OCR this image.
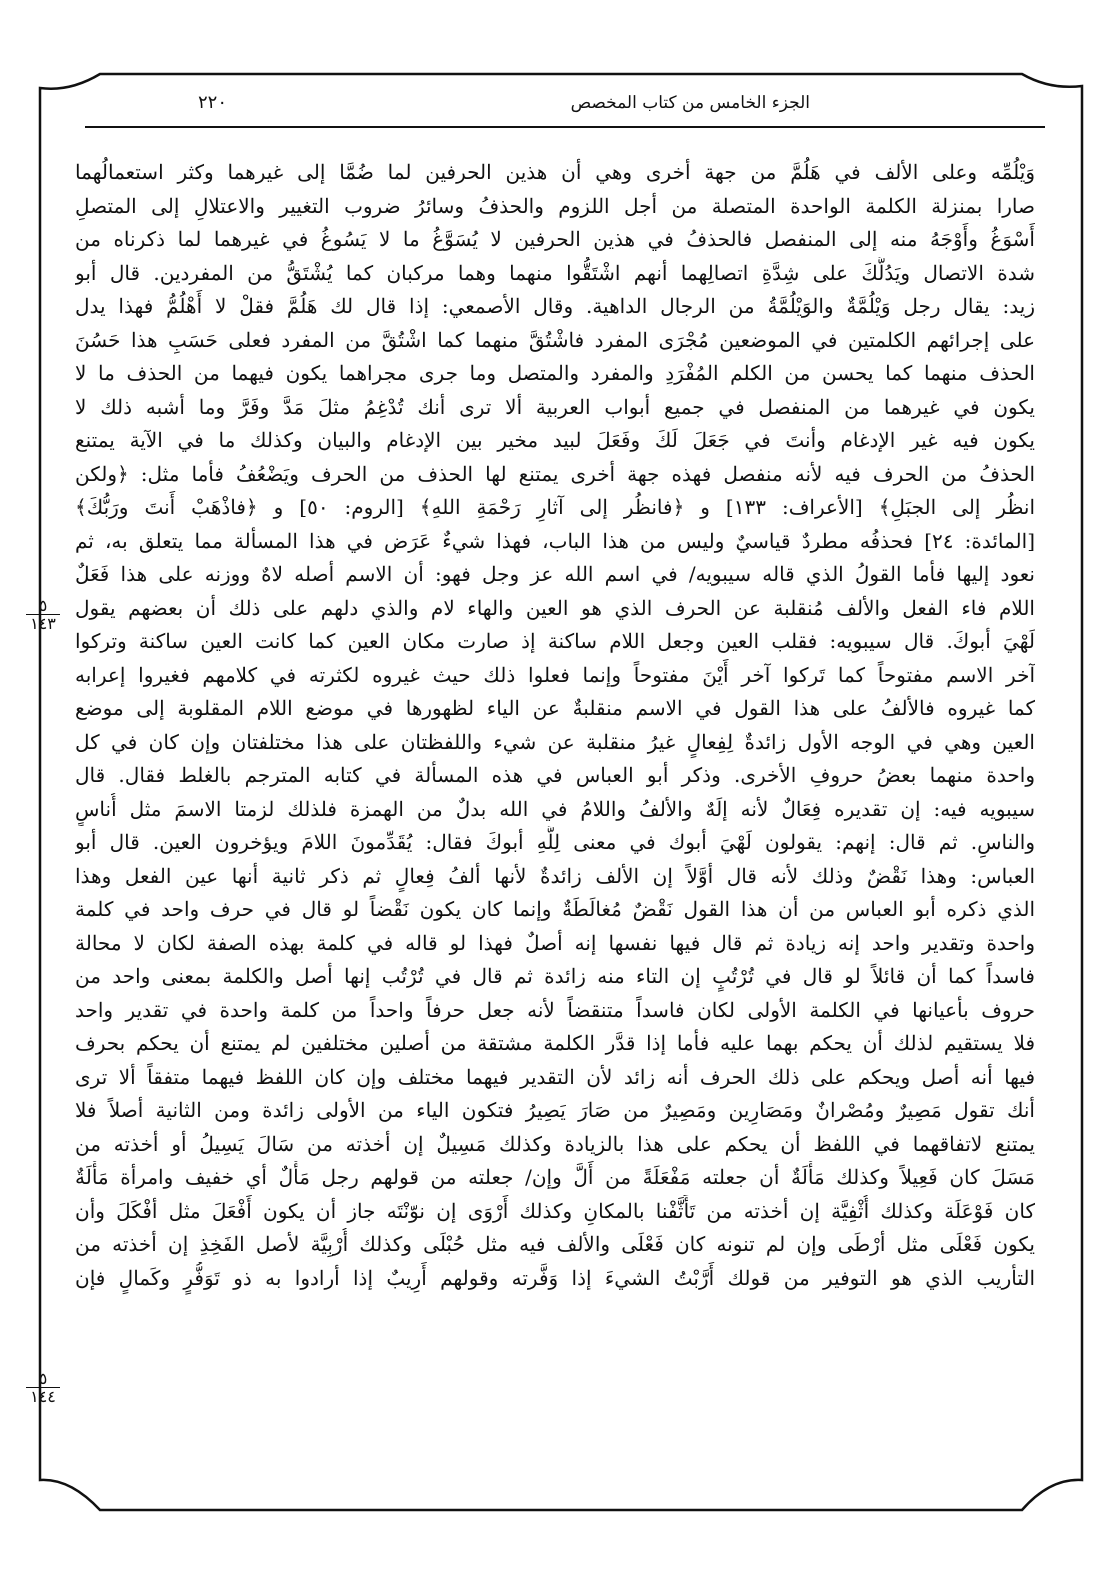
الجزء الخامس من كتاب المخصص
٢٢٠
وَيْلُمِّه وعلى الألف في هَلُمَّ من جهة أخرى وهي أن هذين الحرفين لما ضُمَّا إلى غيرهما وكثر استعمالُهما
صارا بمنزلة الكلمة الواحدة المتصلة من أجل اللزوم والحذفُ وسائرُ ضروب التغيير والاعتلالِ إلى المتصلِ
أَسْوَغُ وأَوْجَهُ منه إلى المنفصل فالحذفُ في هذين الحرفين لا يُسَوَّغُ ما لا يَسُوغُ في غيرهما لما ذكرناه من
شدة الاتصال ويَدُلُّكَ على شِدَّةِ اتصالِهما أنهم اشْتَقُّوا منهما وهما مركبان كما يُشْتَقُّ من المفردين. قال أبو
زيد: يقال رجل وَيْلُمَّةٌ والوَيْلُمَّةُ من الرجال الداهية. وقال الأصمعي: إذا قال لك هَلُمَّ فقلْ لا أَهْلُمُّ فهذا يدل
على إجرائهم الكلمتين في الموضعين مُجْرَى المفرد فاشْتُقَّ منهما كما اشْتُقَّ من المفرد فعلى حَسَبِ هذا حَسُنَ
الحذف منهما كما يحسن من الكلم المُفْرَدِ والمفرد والمتصل وما جرى مجراهما يكون فيهما من الحذف ما لا
يكون في غيرهما من المنفصل في جميع أبواب العربية ألا ترى أنك تُدْغِمُ مثلَ مَدَّ وفَرَّ وما أشبه ذلك لا
يكون فيه غير الإدغام وأنتَ في جَعَلَ لَكَ وفَعَلَ لبيد مخير بين الإدغام والبيان وكذلك ما في الآية يمتنع
الحذفُ من الحرف فيه لأنه منفصل فهذه جهة أخرى يمتنع لها الحذف من الحرف ويَضْعُفُ فأما مثل: ﴿ولكن
انظُر إلى الجبَلِ﴾ [الأعراف: ١٣٣] و ﴿فانظُر إلى آثارِ رَحْمَةِ اللهِ﴾ [الروم: ٥٠] و ﴿فاذْهَبْ أَنتَ ورَبُّكَ﴾
[المائدة: ٢٤] فحذفُه مطردٌ قياسيٌ وليس من هذا الباب، فهذا شيءٌ عَرَض في هذا المسألة مما يتعلق به، ثم
نعود إليها فأما القولُ الذي قاله سيبويه/ في اسم الله عز وجل فهو: أن الاسم أصله لاهٌ ووزنه على هذا فَعَلٌ
اللام فاء الفعل والألف مُنقلبة عن الحرف الذي هو العين والهاء لام والذي دلهم على ذلك أن بعضهم يقول
لَهْيَ أبوكَ. قال سيبويه: فقلب العين وجعل اللام ساكنة إذ صارت مكان العين كما كانت العين ساكنة وتركوا
آخر الاسم مفتوحاً كما تَركوا آخر أَيْنَ مفتوحاً وإنما فعلوا ذلك حيث غيروه لكثرته في كلامهم فغيروا إعرابه
كما غيروه فالألفُ على هذا القول في الاسم منقلبةٌ عن الياء لظهورها في موضع اللام المقلوبة إلى موضع
العين وهي في الوجه الأول زائدةٌ لِفِعالٍ غيرُ منقلبة عن شيء واللفظتان على هذا مختلفتان وإن كان في كل
واحدة منهما بعضُ حروفِ الأخرى. وذكر أبو العباس في هذه المسألة في كتابه المترجم بالغلط فقال. قال
سيبويه فيه: إن تقديره فِعَالٌ لأنه إلَهٌ والألفُ واللامُ في الله بدلٌ من الهمزة فلذلك لزمتا الاسمَ مثل أُناسٍ
والناسِ. ثم قال: إنهم: يقولون لَهْيَ أبوك في معنى لِلَّهِ أبوكَ فقال: يُقَدِّمونَ اللامَ ويؤخرون العين. قال أبو
العباس: وهذا نَقْضٌ وذلك لأنه قال أوَّلاً إن الألف زائدةٌ لأنها ألفُ فِعالٍ ثم ذكر ثانية أنها عين الفعل وهذا
الذي ذكره أبو العباس من أن هذا القول نَقْضٌ مُغالَطَةٌ وإنما كان يكون نَقْضاً لو قال في حرف واحد في كلمة
واحدة وتقدير واحد إنه زيادة ثم قال فيها نفسها إنه أصلٌ فهذا لو قاله في كلمة بهذه الصفة لكان لا محالة
فاسداً كما أن قائلاً لو قال في تُرْتُبٍ إن التاء منه زائدة ثم قال في تُرْتُب إنها أصل والكلمة بمعنى واحد من
حروف بأعيانها في الكلمة الأولى لكان فاسداً متنقضاً لأنه جعل حرفاً واحداً من كلمة واحدة في تقدير واحد
فلا يستقيم لذلك أن يحكم بهما عليه فأما إذا قدَّر الكلمة مشتقة من أصلين مختلفين لم يمتنع أن يحكم بحرف
فيها أنه أصل ويحكم على ذلك الحرف أنه زائد لأن التقدير فيهما مختلف وإن كان اللفظ فيهما متفقاً ألا ترى
أنك تقول مَصِيرٌ ومُصْرانٌ ومَصَارِين ومَصِيرٌ من صَارَ يَصِيرُ فتكون الياء من الأولى زائدة ومن الثانية أصلاً فلا
يمتنع لاتفاقهما في اللفظ أن يحكم على هذا بالزيادة وكذلك مَسِيلٌ إن أخذته من سَالَ يَسِيلُ أو أخذته من
مَسَلَ كان فَعِيلاً وكذلك مَأْلَةٌ أن جعلته مَفْعَلَةً من أَلَّ وإن/ جعلته من قولهم رجل مَأْلٌ أي خفيف وامرأة مَأْلَةٌ
كان فَوْعَلَة وكذلك أُثْفِيَّة إن أخذته من تَأَثَّفْنا بالمكانِ وكذلك أَرْوَى إن نوّنْتَه جاز أن يكون أَفْعَلَ مثل أفْكَلَ وأن
يكون فَعْلَى مثل أرْطَى وإن لم تنونه كان فَعْلَى والألف فيه مثل حُبْلَى وكذلك أُرْبِيَّة لأصل الفَخِذِ إن أخذته من
التأريب الذي هو التوفير من قولك أَرَّبْتُ الشيءَ إذا وَفَّرته وقولهم أَرِيبٌ إذا أرادوا به ذو تَوَفُّرٍ وكَمالٍ فإن
٥
١٤٣
٥
١٤٤
